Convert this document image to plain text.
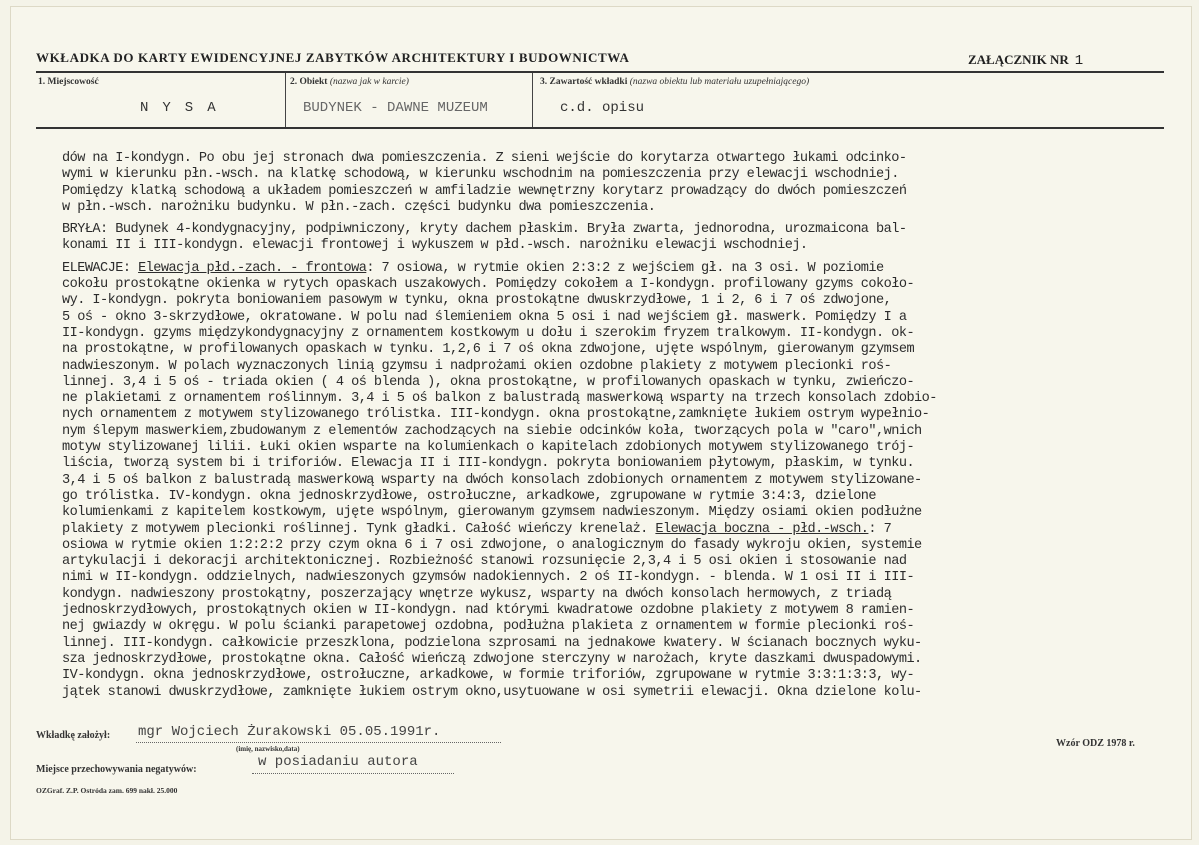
WKŁADKA DO KARTY EWIDENCYJNEJ ZABYTKÓW ARCHITEKTURY I BUDOWNICTWA	ZAŁĄCZNIK NR 1
1. Miejscowość	2. Obiekt (nazwa jak w karcie)	3. Zawartość wkładki (nazwa obiektu lub materiału uzupełniającego)
NYSA	BUDYNEK - DAWNE MUZEUM	c.d. opisu

dów na I-kondygn. Po obu jej stronach dwa pomieszczenia. Z sieni wejście do korytarza otwartego łukami odcinko-
wymi w kierunku płn.-wsch. na klatkę schodową, w kierunku wschodnim na pomieszczenia przy elewacji wschodniej.
Pomiędzy klatką schodową a układem pomieszczeń w amfiladzie wewnętrzny korytarz prowadzący do dwóch pomieszczeń
w płn.-wsch. narożniku budynku. W płn.-zach. części budynku dwa pomieszczenia.

BRYŁA: Budynek 4-kondygnacyjny, podpiwniczony, kryty dachem płaskim. Bryła zwarta, jednorodna, urozmaicona bal-
konami II i III-kondygn. elewacji frontowej i wykuszem w płd.-wsch. narożniku elewacji wschodniej.

ELEWACJE: Elewacja płd.-zach. - frontowa: 7 osiowa, w rytmie okien 2:3:2 z wejściem gł. na 3 osi. W poziomie
cokołu prostokątne okienka w rytych opaskach uszakowych. Pomiędzy cokołem a I-kondygn. profilowany gzyms cokoło-
wy. I-kondygn. pokryta boniowaniem pasowym w tynku, okna prostokątne dwuskrzydłowe, 1 i 2, 6 i 7 oś zdwojone,
5 oś - okno 3-skrzydłowe, okratowane. W polu nad ślemieniem okna 5 osi i nad wejściem gł. maswerk. Pomiędzy I a
II-kondygn. gzyms międzykondygnacyjny z ornamentem kostkowym u dołu i szerokim fryzem tralkowym. II-kondygn. ok-
na prostokątne, w profilowanych opaskach w tynku. 1,2,6 i 7 oś okna zdwojone, ujęte wspólnym, gierowanym gzymsem
nadwieszonym. W polach wyznaczonych linią gzymsu i nadprożami okien ozdobne plakiety z motywem plecionki roś-
linnej. 3,4 i 5 oś - triada okien ( 4 oś blenda ), okna prostokątne, w profilowanych opaskach w tynku, zwieńczo-
ne plakietami z ornamentem roślinnym. 3,4 i 5 oś balkon z balustradą maswerkową wsparty na trzech konsolach zdobio-
nych ornamentem z motywem stylizowanego trólistka. III-kondygn. okna prostokątne,zamknięte łukiem ostrym wypełnio-
nym ślepym maswerkiem,zbudowanym z elementów zachodzących na siebie odcinków koła, tworzących pola w "caro",wnich
motyw stylizowanej lilii. Łuki okien wsparte na kolumienkach o kapitelach zdobionych motywem stylizowanego trój-
liścia, tworzą system bi i triforiów. Elewacja II i III-kondygn. pokryta boniowaniem płytowym, płaskim, w tynku.
3,4 i 5 oś balkon z balustradą maswerkową wsparty na dwóch konsolach zdobionych ornamentem z motywem stylizowane-
go trólistka. IV-kondygn. okna jednoskrzydłowe, ostrołuczne, arkadkowe, zgrupowane w rytmie 3:4:3, dzielone
kolumienkami z kapitelem kostkowym, ujęte wspólnym, gierowanym gzymsem nadwieszonym. Między osiami okien podłużne
plakiety z motywem plecionki roślinnej. Tynk gładki. Całość wieńczy krenelaż. Elewacja boczna - płd.-wsch.: 7
osiowa w rytmie okien 1:2:2:2 przy czym okna 6 i 7 osi zdwojone, o analogicznym do fasady wykroju okien, systemie
artykulacji i dekoracji architektonicznej. Rozbieżność stanowi rozsunięcie 2,3,4 i 5 osi okien i stosowanie nad
nimi w II-kondygn. oddzielnych, nadwieszonych gzymsów nadokiennych. 2 oś II-kondygn. - blenda. W 1 osi II i III-
kondygn. nadwieszony prostokątny, poszerzający wnętrze wykusz, wsparty na dwóch konsolach hermowych, z triadą
jednoskrzydłowych, prostokątnych okien w II-kondygn. nad którymi kwadratowe ozdobne plakiety z motywem 8 ramien-
nej gwiazdy w okręgu. W polu ścianki parapetowej ozdobna, podłużna plakieta z ornamentem w formie plecionki roś-
linnej. III-kondygn. całkowicie przeszklona, podzielona szprosami na jednakowe kwatery. W ścianach bocznych wyku-
sza jednoskrzydłowe, prostokątne okna. Całość wieńczą zdwojone sterczyny w narożach, kryte daszkami dwuspadowymi.
IV-kondygn. okna jednoskrzydłowe, ostrołuczne, arkadkowe, w formie triforiów, zgrupowane w rytmie 3:3:1:3:3, wy-
jątek stanowi dwuskrzydłowe, zamknięte łukiem ostrym okno,usytuowane w osi symetrii elewacji. Okna dzielone kolu-

Wkładkę założył: mgr Wojciech Żurakowski 05.05.1991r.
(imię, nazwisko,data)
Miejsce przechowywania negatywów:	w posiadaniu autora
Wzór ODZ 1978 r.
OZGraf. Z.P. Ostróda zam. 699 nakł. 25.000
